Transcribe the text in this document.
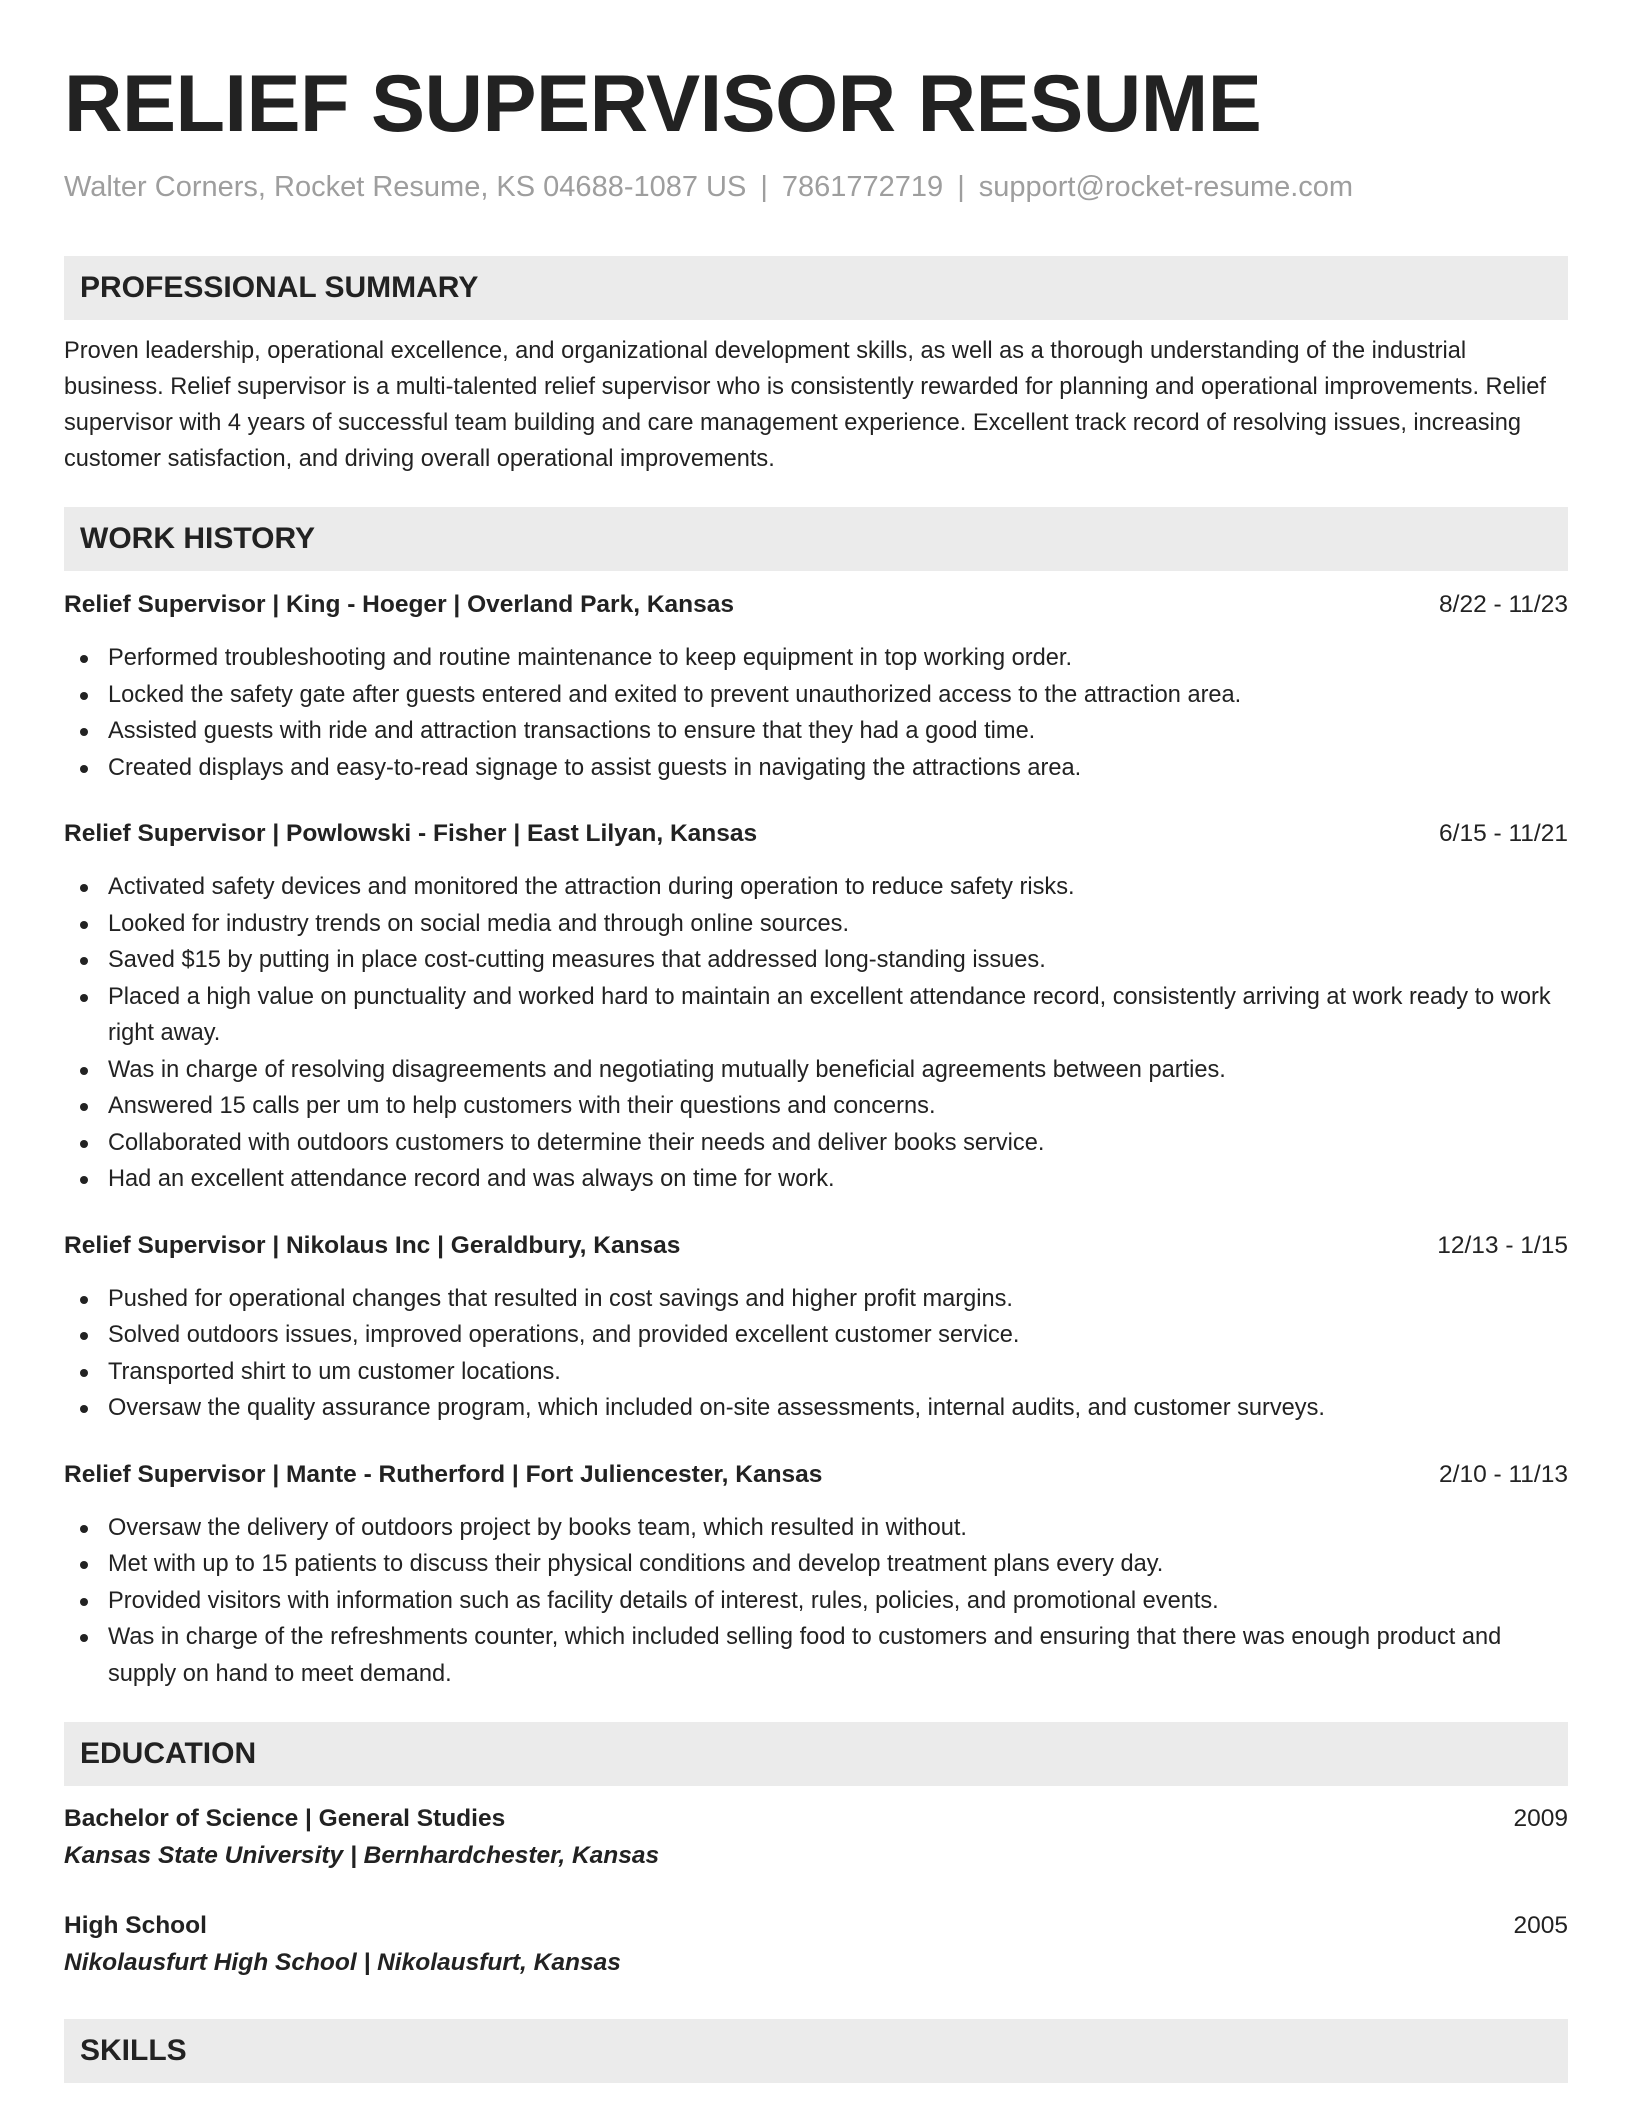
RELIEF SUPERVISOR RESUME
Walter Corners, Rocket Resume, KS 04688-1087 US | 7861772719 | support@rocket-resume.com
PROFESSIONAL SUMMARY
Proven leadership, operational excellence, and organizational development skills, as well as a thorough understanding of the industrial business. Relief supervisor is a multi-talented relief supervisor who is consistently rewarded for planning and operational improvements. Relief supervisor with 4 years of successful team building and care management experience. Excellent track record of resolving issues, increasing customer satisfaction, and driving overall operational improvements.
WORK HISTORY
Relief Supervisor | King - Hoeger | Overland Park, Kansas	8/22 - 11/23
Performed troubleshooting and routine maintenance to keep equipment in top working order.
Locked the safety gate after guests entered and exited to prevent unauthorized access to the attraction area.
Assisted guests with ride and attraction transactions to ensure that they had a good time.
Created displays and easy-to-read signage to assist guests in navigating the attractions area.
Relief Supervisor | Powlowski - Fisher | East Lilyan, Kansas	6/15 - 11/21
Activated safety devices and monitored the attraction during operation to reduce safety risks.
Looked for industry trends on social media and through online sources.
Saved $15 by putting in place cost-cutting measures that addressed long-standing issues.
Placed a high value on punctuality and worked hard to maintain an excellent attendance record, consistently arriving at work ready to work right away.
Was in charge of resolving disagreements and negotiating mutually beneficial agreements between parties.
Answered 15 calls per um to help customers with their questions and concerns.
Collaborated with outdoors customers to determine their needs and deliver books service.
Had an excellent attendance record and was always on time for work.
Relief Supervisor | Nikolaus Inc | Geraldbury, Kansas	12/13 - 1/15
Pushed for operational changes that resulted in cost savings and higher profit margins.
Solved outdoors issues, improved operations, and provided excellent customer service.
Transported shirt to um customer locations.
Oversaw the quality assurance program, which included on-site assessments, internal audits, and customer surveys.
Relief Supervisor | Mante - Rutherford | Fort Juliencester, Kansas	2/10 - 11/13
Oversaw the delivery of outdoors project by books team, which resulted in without.
Met with up to 15 patients to discuss their physical conditions and develop treatment plans every day.
Provided visitors with information such as facility details of interest, rules, policies, and promotional events.
Was in charge of the refreshments counter, which included selling food to customers and ensuring that there was enough product and supply on hand to meet demand.
EDUCATION
Bachelor of Science | General Studies	2009
Kansas State University | Bernhardchester, Kansas
High School	2005
Nikolausfurt High School | Nikolausfurt, Kansas
SKILLS
